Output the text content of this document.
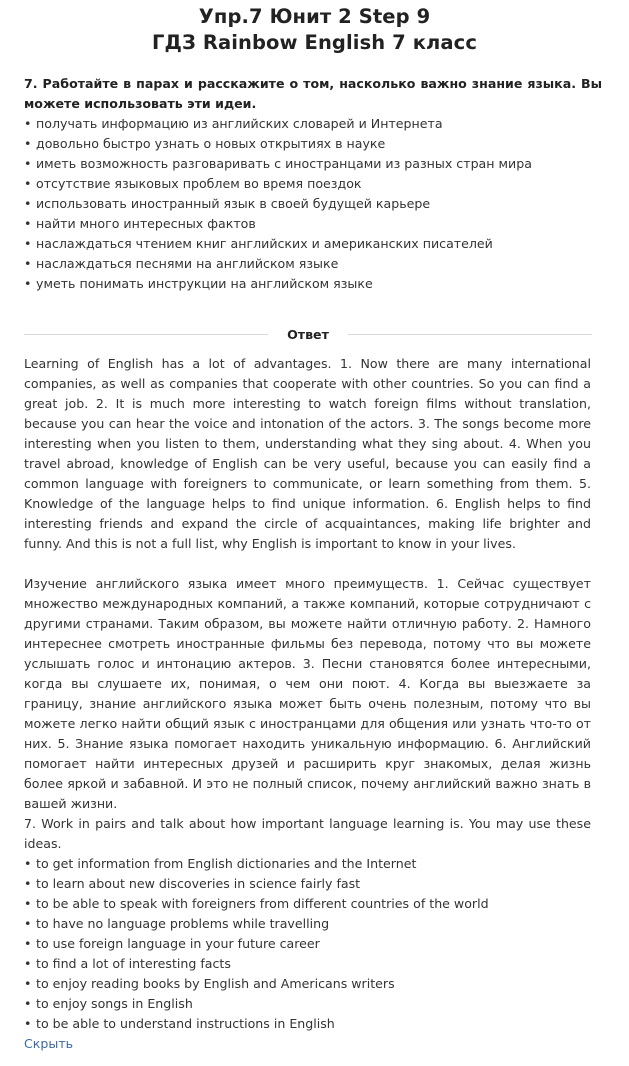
Упр.7 Юнит 2 Step 9
ГДЗ Rainbow English 7 класс
7. Работайте в парах и расскажите о том, насколько важно знание языка. Вы можете использовать эти идеи.
• получать информацию из английских словарей и Интернета
• довольно быстро узнать о новых открытиях в науке
• иметь возможность разговаривать с иностранцами из разных стран мира
• отсутствие языковых проблем во время поездок
• использовать иностранный язык в своей будущей карьере
• найти много интересных фактов
• наслаждаться чтением книг английских и американских писателей
• наслаждаться песнями на английском языке
• уметь понимать инструкции на английском языке
Ответ

Learning of English has a lot of advantages. 1. Now there are many international companies, as well as companies that cooperate with other countries. So you can find a great job. 2. It is much more interesting to watch foreign films without translation, because you can hear the voice and intonation of the actors. 3. The songs become more interesting when you listen to them, understanding what they sing about. 4. When you travel abroad, knowledge of English can be very useful, because you can easily find a common language with foreigners to communicate, or learn something from them. 5. Knowledge of the language helps to find unique information. 6. English helps to find interesting friends and expand the circle of acquaintances, making life brighter and funny. And this is not a full list, why English is important to know in your lives.

Изучение английского языка имеет много преимуществ. 1. Сейчас существует множество международных компаний, а также компаний, которые сотрудничают с другими странами. Таким образом, вы можете найти отличную работу. 2. Намного интереснее смотреть иностранные фильмы без перевода, потому что вы можете услышать голос и интонацию актеров. 3. Песни становятся более интересными, когда вы слушаете их, понимая, о чем они поют. 4. Когда вы выезжаете за границу, знание английского языка может быть очень полезным, потому что вы можете легко найти общий язык с иностранцами для общения или узнать что-то от них. 5. Знание языка помогает находить уникальную информацию. 6. Английский помогает найти интересных друзей и расширить круг знакомых, делая жизнь более яркой и забавной. И это не полный список, почему английский важно знать в вашей жизни.

7. Work in pairs and talk about how important language learning is. You may use these ideas.
• to get information from English dictionaries and the Internet
• to learn about new discoveries in science fairly fast
• to be able to speak with foreigners from different countries of the world
• to have no language problems while travelling
• to use foreign language in your future career
• to find a lot of interesting facts
• to enjoy reading books by English and Americans writers
• to enjoy songs in English
• to be able to understand instructions in English
Скрыть
